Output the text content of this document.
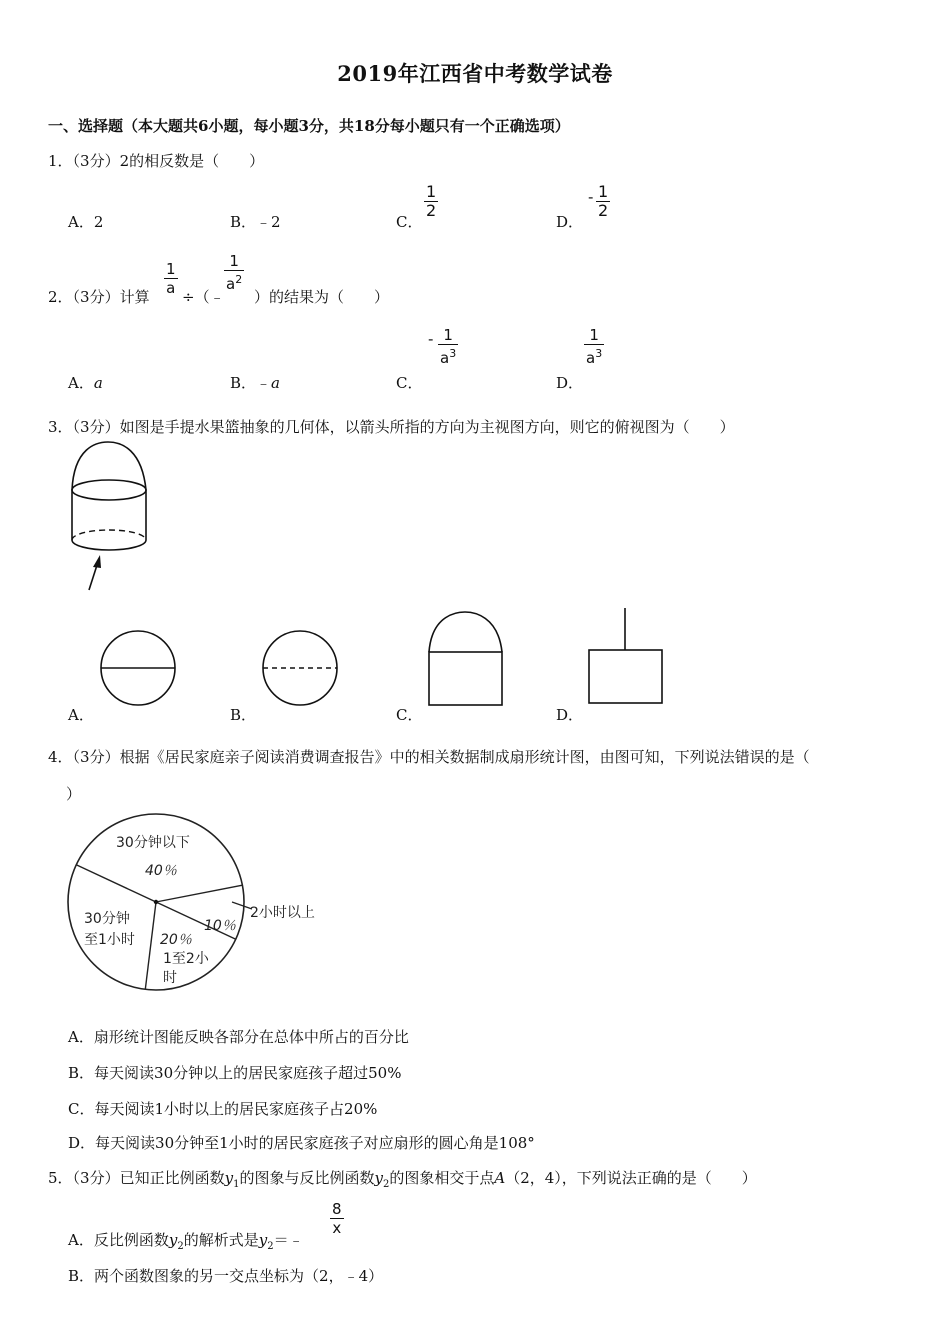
2019年江西省中考数学试卷
一、选择题（本大题共6小题，每小题3分，共18分每小题只有一个正确选项）
1．（3分）2的相反数是（　　）
A．2	B．﹣2	C．
$\frac{1}{2}$
D．
- $\frac{1}{2}$
2．（3分）计算 $\frac{1}{a}$ ÷（﹣
$\frac{1}{a^2}$
）的结果为（　　）
A．a	B．﹣a	C．
- $\frac{1}{a^3}$
D．
$\frac{1}{a^3}$
3．（3分）如图是手提水果篮抽象的几何体，以箭头所指的方向为主视图方向，则它的俯视图为（　　）
A．	B．	C．	D．
4．（3分）根据《居民家庭亲子阅读消费调查报告》中的相关数据制成扇形统计图，由图可知，下列说法错误的是（
）
30分钟以下
40％
2小时以上
10％
20％
1至2小
时
30分钟
至1小时
A．扇形统计图能反映各部分在总体中所占的百分比
B．每天阅读30分钟以上的居民家庭孩子超过50%
C．每天阅读1小时以上的居民家庭孩子占20%
D．每天阅读30分钟至1小时的居民家庭孩子对应扇形的圆心角是108°
5．（3分）已知正比例函数$y_1$的图象与反比例函数$y_2$的图象相交于点A（2，4），下列说法正确的是（　　）
A．反比例函数$y_2$的解析式是$y_2=﹣$
$\frac{8}{x}$
B．两个函数图象的另一交点坐标为（2，﹣4）
